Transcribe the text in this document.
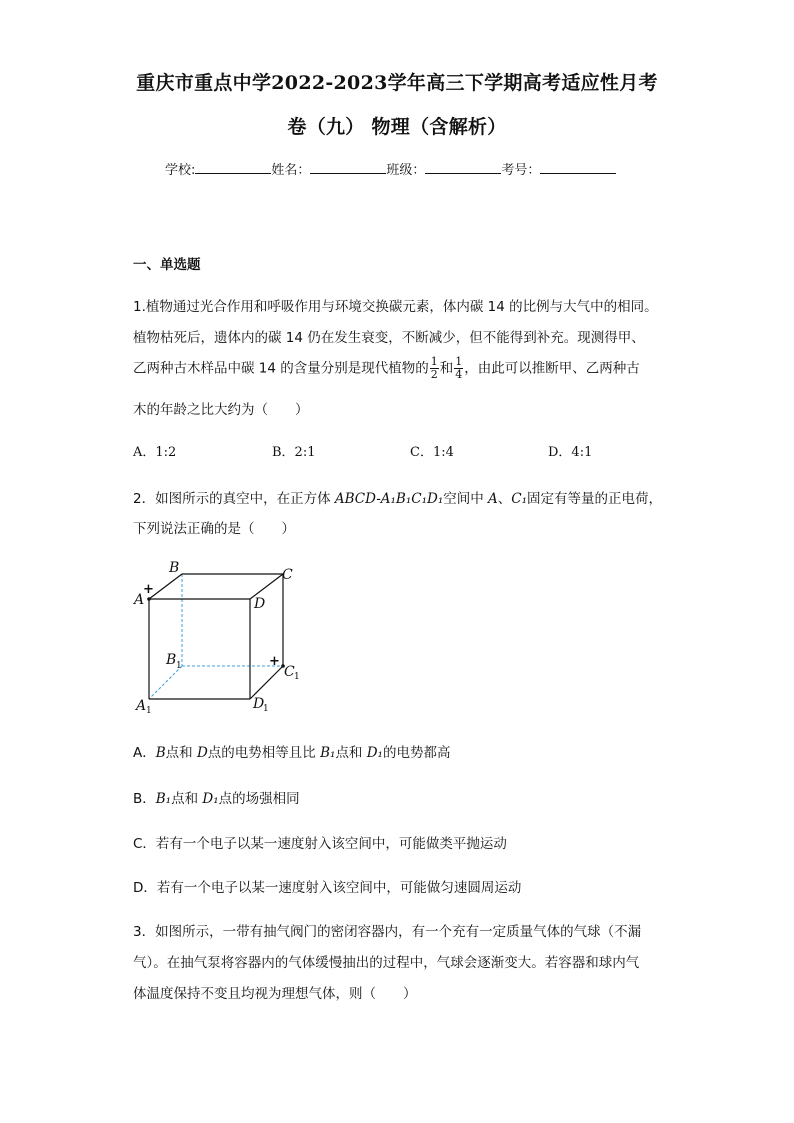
重庆市重点中学2022-2023学年高三下学期高考适应性月考
卷（九） 物理（含解析）
学校:	姓名：	班级：	考号：
一、单选题
1.植物通过光合作用和呼吸作用与环境交换碳元素，体内碳 14 的比例与大气中的相同。
植物枯死后，遗体内的碳 14 仍在发生衰变，不断减少，但不能得到补充。现测得甲、
乙两种古木样品中碳 14 的含量分别是现代植物的 $\frac{1}{2}$ 和 $\frac{1}{4}$ ，由此可以推断甲、乙两种古
木的年龄之比大约为（　　）
A．1:2	B．2:1	C．1:4	D．4:1
2．如图所示的真空中，在正方体 ABCD-A₁B₁C₁D₁空间中 A、C₁固定有等量的正电荷，
下列说法正确的是（　　）
A
B	C
D
B
C
A	D
1
1
1	1
+
+
A．B点和 D点的电势相等且比 B₁点和 D₁的电势都高
B．B₁点和 D₁点的场强相同
C．若有一个电子以某一速度射入该空间中，可能做类平抛运动
D．若有一个电子以某一速度射入该空间中，可能做匀速圆周运动
3．如图所示，一带有抽气阀门的密闭容器内，有一个充有一定质量气体的气球（不漏
气）。在抽气泵将容器内的气体缓慢抽出的过程中，气球会逐渐变大。若容器和球内气
体温度保持不变且均视为理想气体，则（　　）
